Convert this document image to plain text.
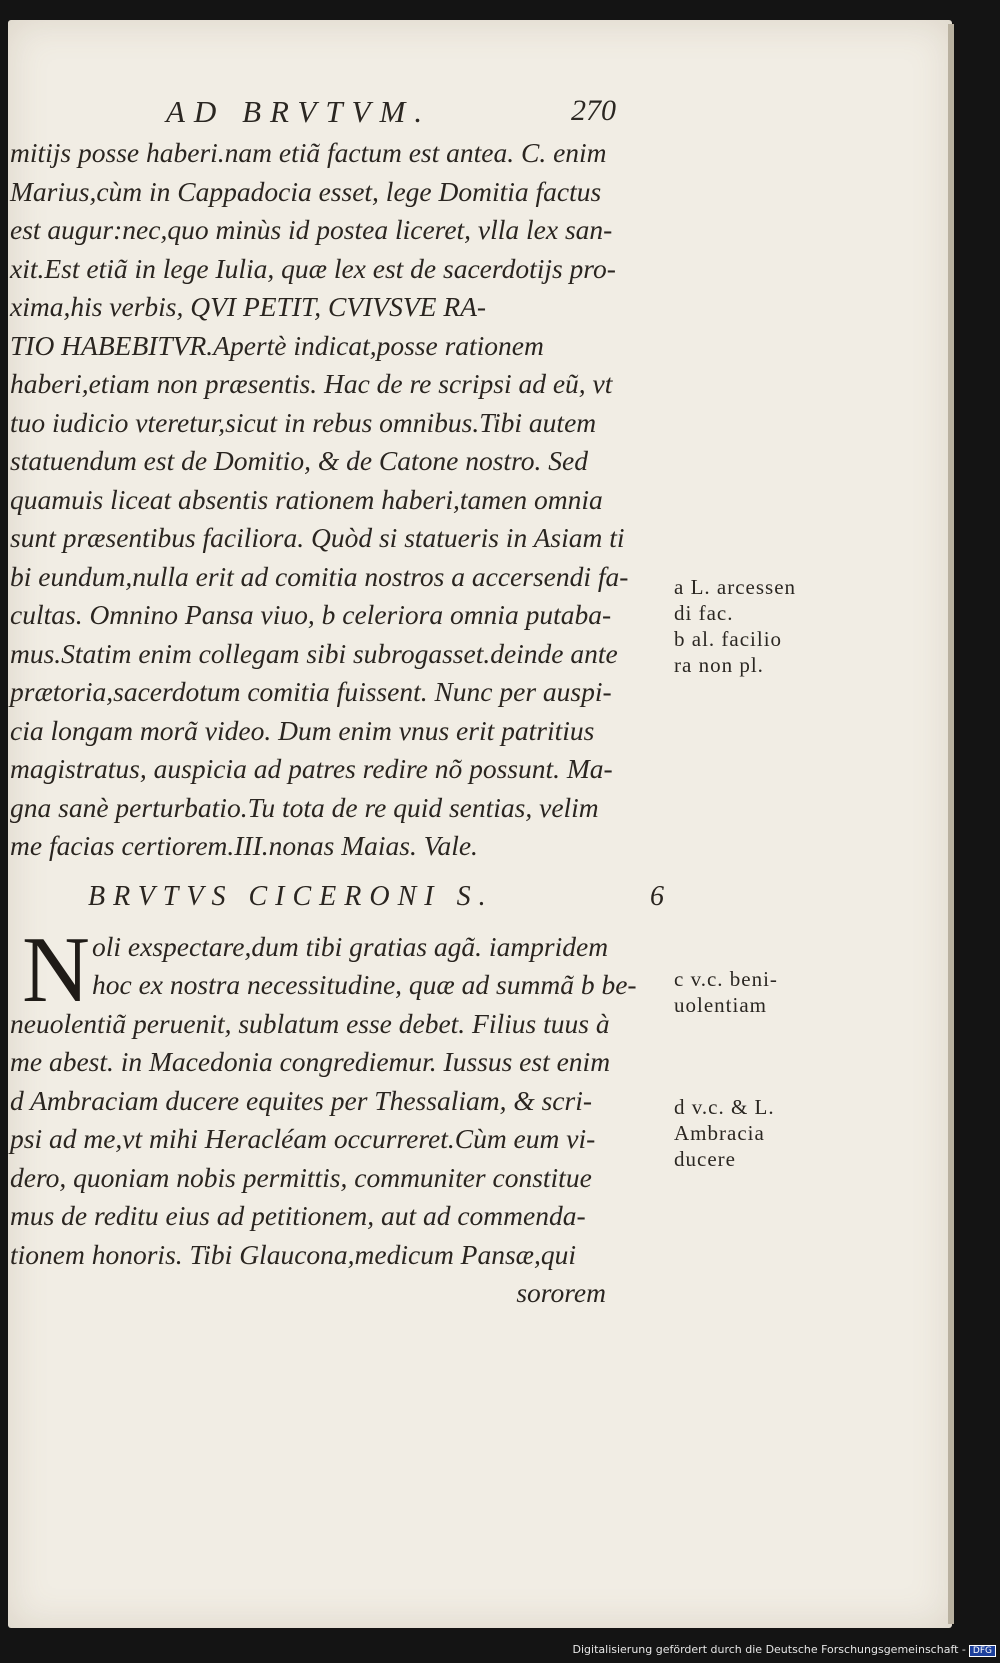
AD BRVTVM.	270
mitijs posse haberi.nam etiã factum est antea. C. enim
Marius,cùm in Cappadocia esset, lege Domitia factus
est augur:nec,quo minùs id postea liceret, vlla lex san-
xit.Est etiã in lege Iulia, quæ lex est de sacerdotijs pro-
xima,his verbis, QVI PETIT, CVIVSVE RA-
TIO HABEBITVR.Apertè indicat,posse rationem
haberi,etiam non præsentis. Hac de re scripsi ad eũ, vt
tuo iudicio vteretur,sicut in rebus omnibus.Tibi autem
statuendum est de Domitio, & de Catone nostro. Sed
quamuis liceat absentis rationem haberi,tamen omnia
sunt præsentibus faciliora. Quòd si statueris in Asiam ti
bi eundum,nulla erit ad comitia nostros a accersendi fa-
cultas. Omnino Pansa viuo, b celeriora omnia putaba-
mus.Statim enim collegam sibi subrogasset.deinde ante
prætoria,sacerdotum comitia fuissent. Nunc per auspi-
cia longam morã video. Dum enim vnus erit patritius
magistratus, auspicia ad patres redire nõ possunt. Ma-
gna sanè perturbatio.Tu tota de re quid sentias, velim
me facias certiorem.III.nonas Maias. Vale.
BRVTVS CICERONI S.	6
N oli exspectare,dum tibi gratias agã. iampridem
hoc ex nostra necessitudine, quæ ad summã b be-
neuolentiã peruenit, sublatum esse debet. Filius tuus à
me abest. in Macedonia congrediemur. Iussus est enim
d Ambraciam ducere equites per Thessaliam, & scri-
psi ad me,vt mihi Heracléam occurreret.Cùm eum vi-
dero, quoniam nobis permittis, communiter constitue
mus de reditu eius ad petitionem, aut ad commenda-
tionem honoris. Tibi Glaucona,medicum Pansæ,qui
sororem
a L. arcessen
di fac.
b al. facilio
ra non pl.
c v.c. beni-
uolentiam
d v.c. & L.
Ambracia
ducere
Digitalisierung gefördert durch die Deutsche Forschungsgemeinschaft - DFG
